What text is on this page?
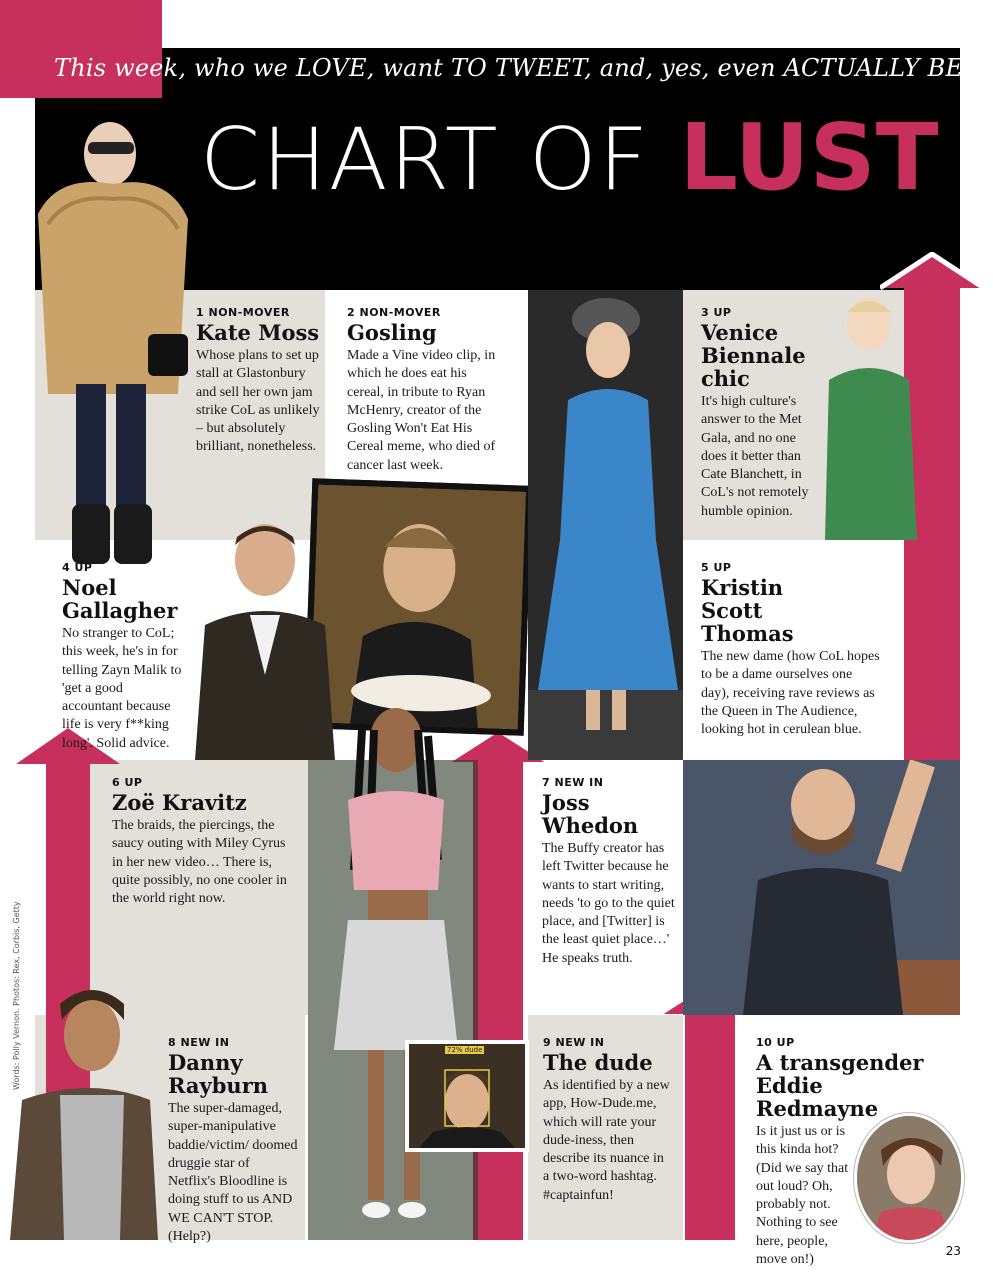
72% dude
This week, who we LOVE, want TO TWEET, and, yes, even ACTUALLY BE
CHART OF LUST
1 NON-MOVER
Kate Moss
Whose plans to set up stall at Glastonbury and sell her own jam strike CoL as unlikely – but absolutely brilliant, nonetheless.
2 NON-MOVER
Gosling
Made a Vine video clip, in which he does eat his cereal, in tribute to Ryan McHenry, creator of the Gosling Won't Eat His Cereal meme, who died of cancer last week.
3 UP
Venice Biennale chic
It's high culture's answer to the Met Gala, and no one does it better than Cate Blanchett, in CoL's not remotely humble opinion.
4 UP
Noel Gallagher
No stranger to CoL; this week, he's in for telling Zayn Malik to 'get a good accountant because life is very f**king long'. Solid advice.
5 UP
Kristin Scott Thomas
The new dame (how CoL hopes to be a dame ourselves one day), receiving rave reviews as the Queen in The Audience, looking hot in cerulean blue.
6 UP
Zoë Kravitz
The braids, the piercings, the saucy outing with Miley Cyrus in her new video… There is, quite possibly, no one cooler in the world right now.
7 NEW IN
Joss Whedon
The Buffy creator has left Twitter because he wants to start writing, needs 'to go to the quiet place, and [Twitter] is the least quiet place…' He speaks truth.
8 NEW IN
Danny Rayburn
The super-damaged, super-manipulative baddie/victim/ doomed druggie star of Netflix's Bloodline is doing stuff to us AND WE CAN'T STOP. (Help?)
9 NEW IN
The dude
As identified by a new app, How-Dude.me, which will rate your dude-iness, then describe its nuance in a two-word hashtag. #captainfun!
10 UP
A transgender Eddie Redmayne
Is it just us or is this kinda hot? (Did we say that out loud? Oh, probably not. Nothing to see here, people, move on!)
Words: Polly Vernon. Photos: Rex, Corbis, Getty
23
